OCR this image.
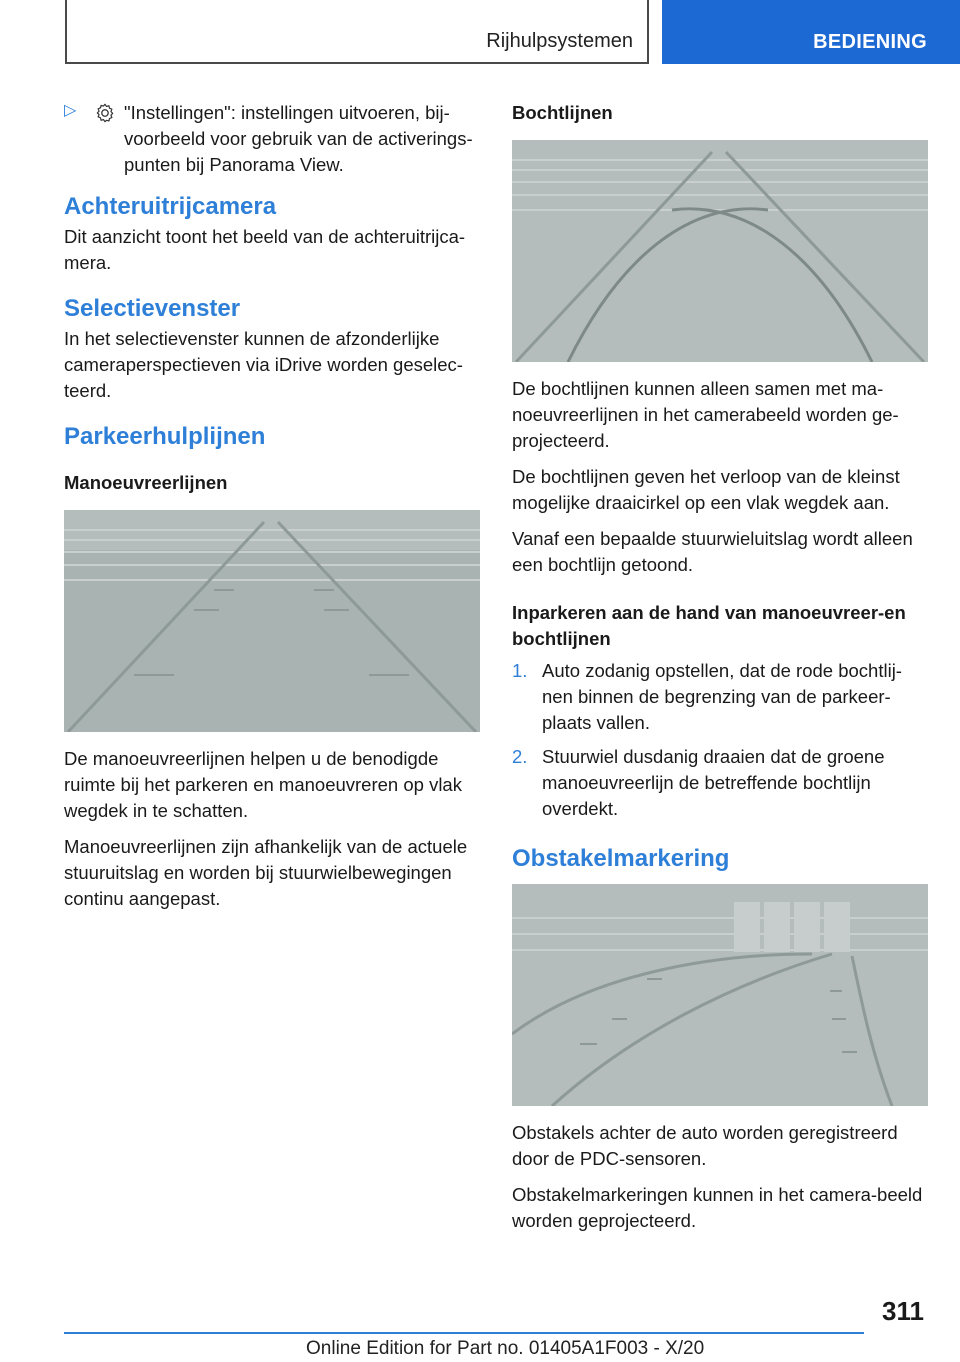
Rijhulpsystemen	BEDIENING
▷	"Instellingen": instellingen uitvoeren, bij-voorbeeld voor gebruik van de activerings-punten bij Panorama View.

Achteruitrijcamera

Dit aanzicht toont het beeld van de achteruitrijca-mera.

Selectievenster

In het selectievenster kunnen de afzonderlijke cameraperspectieven via iDrive worden geselec-teerd.

Parkeerhulplijnen
Manoeuvreerlijnen

De manoeuvreerlijnen helpen u de benodigde ruimte bij het parkeren en manoeuvreren op vlak wegdek in te schatten.

Manoeuvreerlijnen zijn afhankelijk van de actuele stuuruitslag en worden bij stuurwielbewegingen continu aangepast.

Bochtlijnen

De bochtlijnen kunnen alleen samen met ma-noeuvreerlijnen in het camerabeeld worden ge-projecteerd.

De bochtlijnen geven het verloop van de kleinst mogelijke draaicirkel op een vlak wegdek aan.

Vanaf een bepaalde stuurwieluitslag wordt alleen een bochtlijn getoond.

Inparkeren aan de hand van manoeuvreer-en bochtlijnen
1. Auto zodanig opstellen, dat de rode bochtlij-nen binnen de begrenzing van de parkeer-plaats vallen.
2. Stuurwiel dusdanig draaien dat de groene manoeuvreerlijn de betreffende bochtlijn overdekt.
Obstakelmarkering

Obstakels achter de auto worden geregistreerd door de PDC-sensoren.

Obstakelmarkeringen kunnen in het camera-beeld worden geprojecteerd.

311
Online Edition for Part no. 01405A1F003 - X/20
